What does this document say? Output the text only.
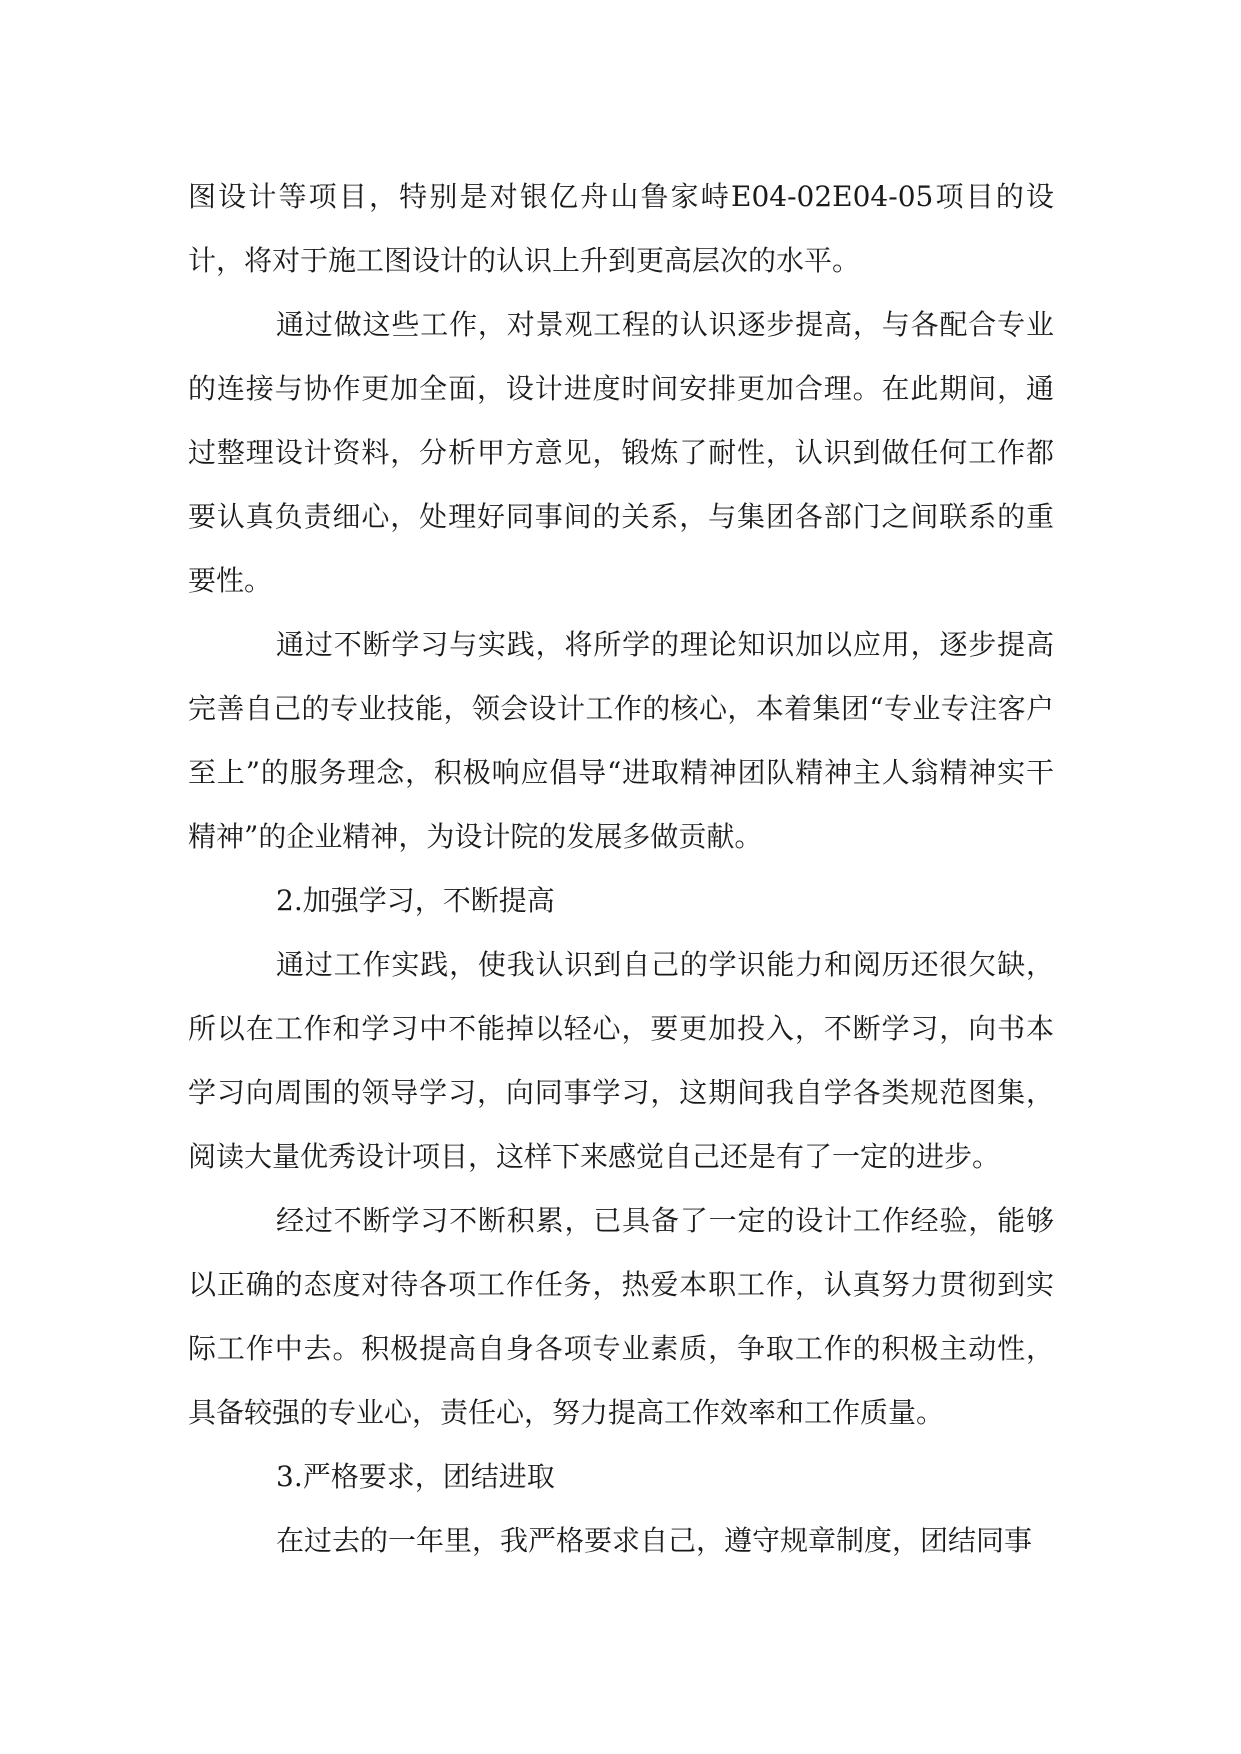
图设计等项目，特别是对银亿舟山鲁家峙E04-02E04-05项目的设计，将对于施工图设计的认识上升到更高层次的水平。

通过做这些工作，对景观工程的认识逐步提高，与各配合专业的连接与协作更加全面，设计进度时间安排更加合理。在此期间，通过整理设计资料，分析甲方意见，锻炼了耐性，认识到做任何工作都要认真负责细心，处理好同事间的关系，与集团各部门之间联系的重要性。

通过不断学习与实践，将所学的理论知识加以应用，逐步提高完善自己的专业技能，领会设计工作的核心，本着集团“专业专注客户至上”的服务理念，积极响应倡导“进取精神团队精神主人翁精神实干精神”的企业精神，为设计院的发展多做贡献。

2.加强学习，不断提高

通过工作实践，使我认识到自己的学识能力和阅历还很欠缺，所以在工作和学习中不能掉以轻心，要更加投入，不断学习，向书本学习向周围的领导学习，向同事学习，这期间我自学各类规范图集，阅读大量优秀设计项目，这样下来感觉自己还是有了一定的进步。

经过不断学习不断积累，已具备了一定的设计工作经验，能够以正确的态度对待各项工作任务，热爱本职工作，认真努力贯彻到实际工作中去。积极提高自身各项专业素质，争取工作的积极主动性，具备较强的专业心，责任心，努力提高工作效率和工作质量。

3.严格要求，团结进取

在过去的一年里，我严格要求自己，遵守规章制度，团结同事
